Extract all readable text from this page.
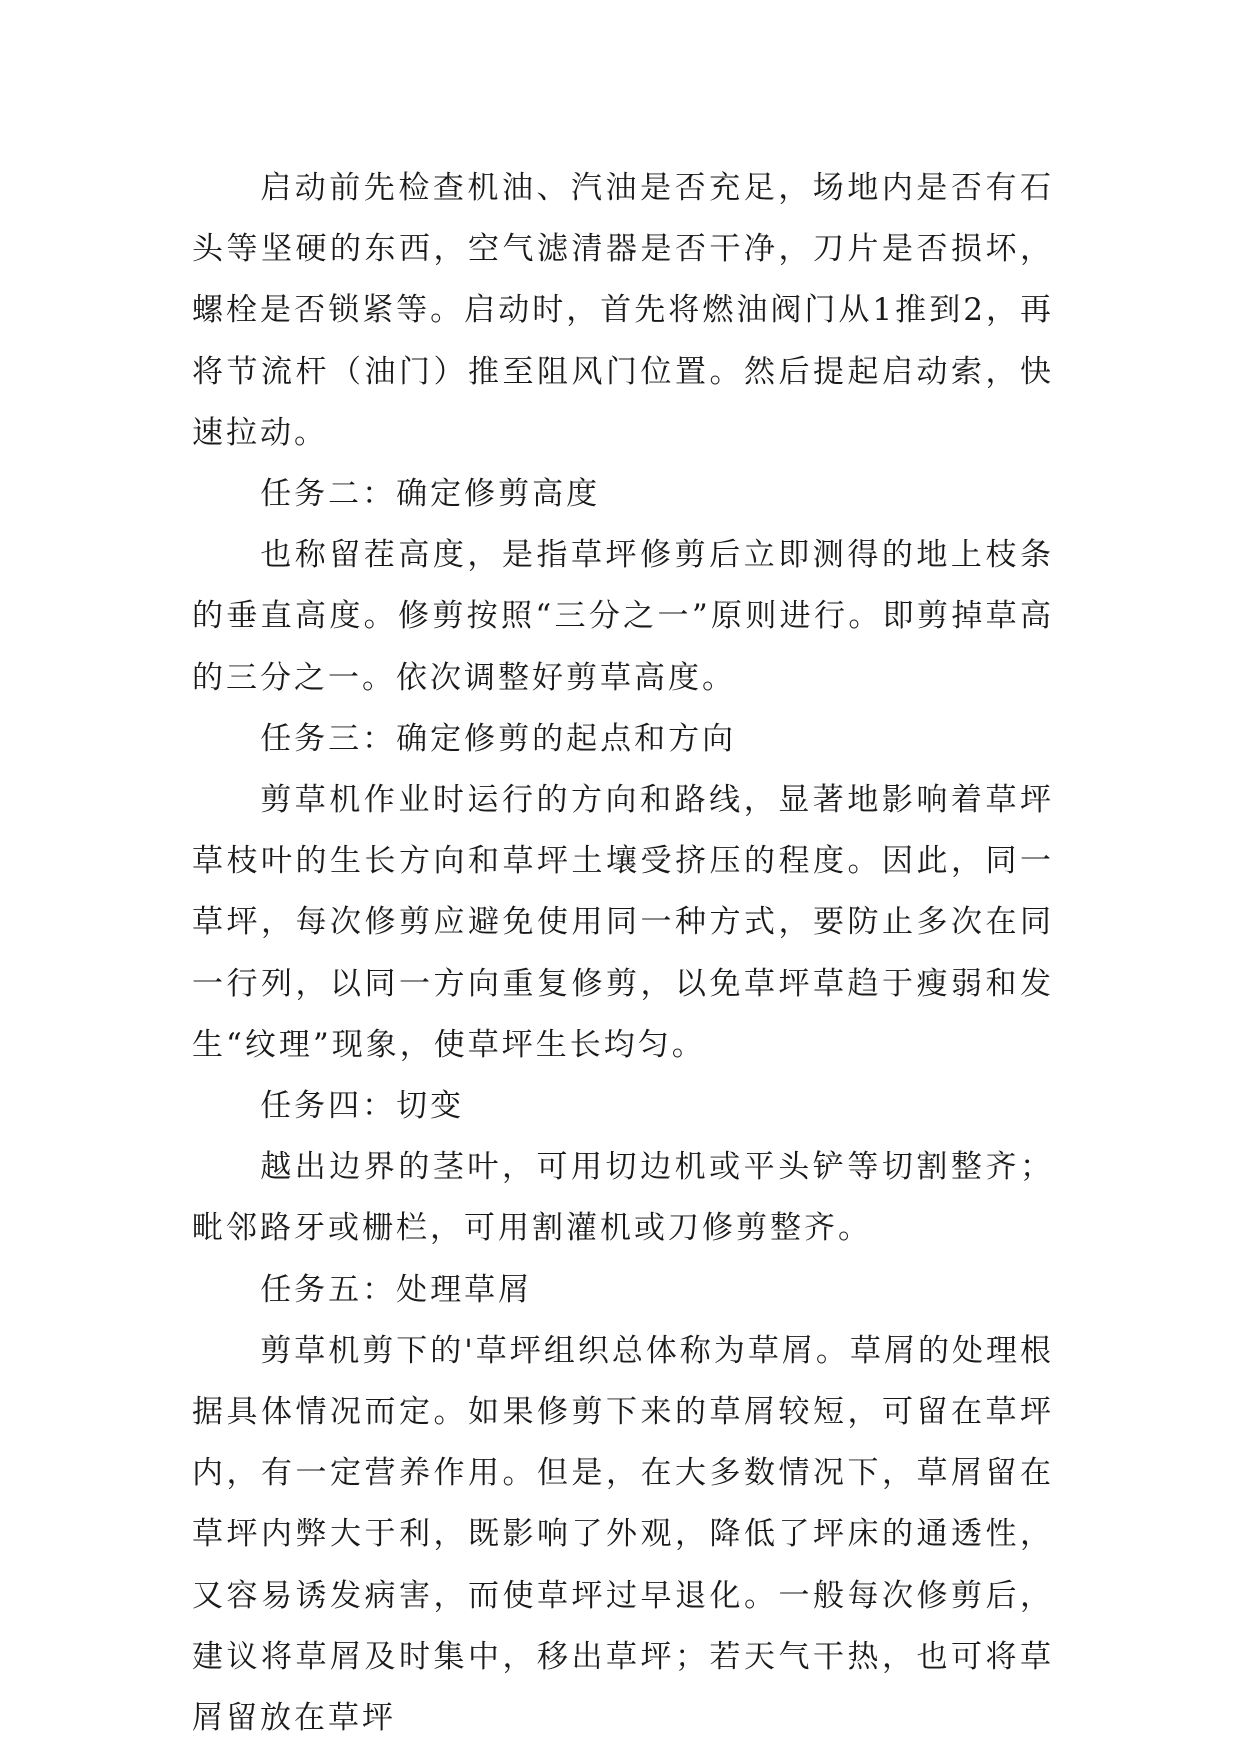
启动前先检查机油、汽油是否充足，场地内是否有石头等坚硬的东西，空气滤清器是否干净，刀片是否损坏，螺栓是否锁紧等。启动时，首先将燃油阀门从1推到2，再将节流杆（油门）推至阻风门位置。然后提起启动索，快速拉动。

任务二：确定修剪高度

也称留茬高度，是指草坪修剪后立即测得的地上枝条的垂直高度。修剪按照“三分之一”原则进行。即剪掉草高的三分之一。依次调整好剪草高度。

任务三：确定修剪的起点和方向

剪草机作业时运行的方向和路线，显著地影响着草坪草枝叶的生长方向和草坪土壤受挤压的程度。因此，同一草坪，每次修剪应避免使用同一种方式，要防止多次在同一行列，以同一方向重复修剪，以免草坪草趋于瘦弱和发生“纹理”现象，使草坪生长均匀。

任务四：切变

越出边界的茎叶，可用切边机或平头铲等切割整齐；毗邻路牙或栅栏，可用割灌机或刀修剪整齐。

任务五：处理草屑

剪草机剪下的'草坪组织总体称为草屑。草屑的处理根据具体情况而定。如果修剪下来的草屑较短，可留在草坪内，有一定营养作用。但是，在大多数情况下，草屑留在草坪内弊大于利，既影响了外观，降低了坪床的通透性，又容易诱发病害，而使草坪过早退化。一般每次修剪后，建议将草屑及时集中，移出草坪；若天气干热，也可将草屑留放在草坪
